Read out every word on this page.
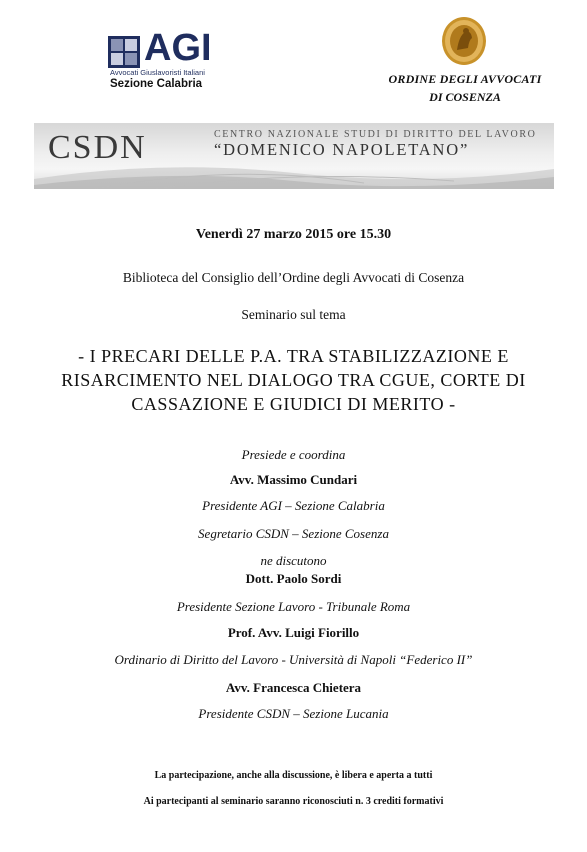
AGI
Avvocati Giuslavoristi Italiani
Sezione Calabria	ORDINE DEGLI AVVOCATI
DI COSENZA
CSDN	CENTRO NAZIONALE STUDI DI DIRITTO DEL LAVORO
“DOMENICO NAPOLETANO”
Venerdì 27 marzo 2015 ore 15.30
Biblioteca del Consiglio dell’Ordine degli Avvocati di Cosenza
Seminario sul tema
- I PRECARI DELLE P.A. TRA STABILIZZAZIONE E
RISARCIMENTO NEL DIALOGO TRA CGUE, CORTE DI
CASSAZIONE E GIUDICI DI MERITO -
Presiede e coordina
Avv. Massimo Cundari
Presidente AGI – Sezione Calabria
Segretario CSDN – Sezione Cosenza
ne discutono
Dott. Paolo Sordi
Presidente Sezione Lavoro - Tribunale Roma
Prof. Avv. Luigi Fiorillo
Ordinario di Diritto del Lavoro - Università di Napoli “Federico II”
Avv. Francesca Chietera
Presidente CSDN – Sezione Lucania
La partecipazione, anche alla discussione, è libera e aperta a tutti
Ai partecipanti al seminario saranno riconosciuti n. 3 crediti formativi
